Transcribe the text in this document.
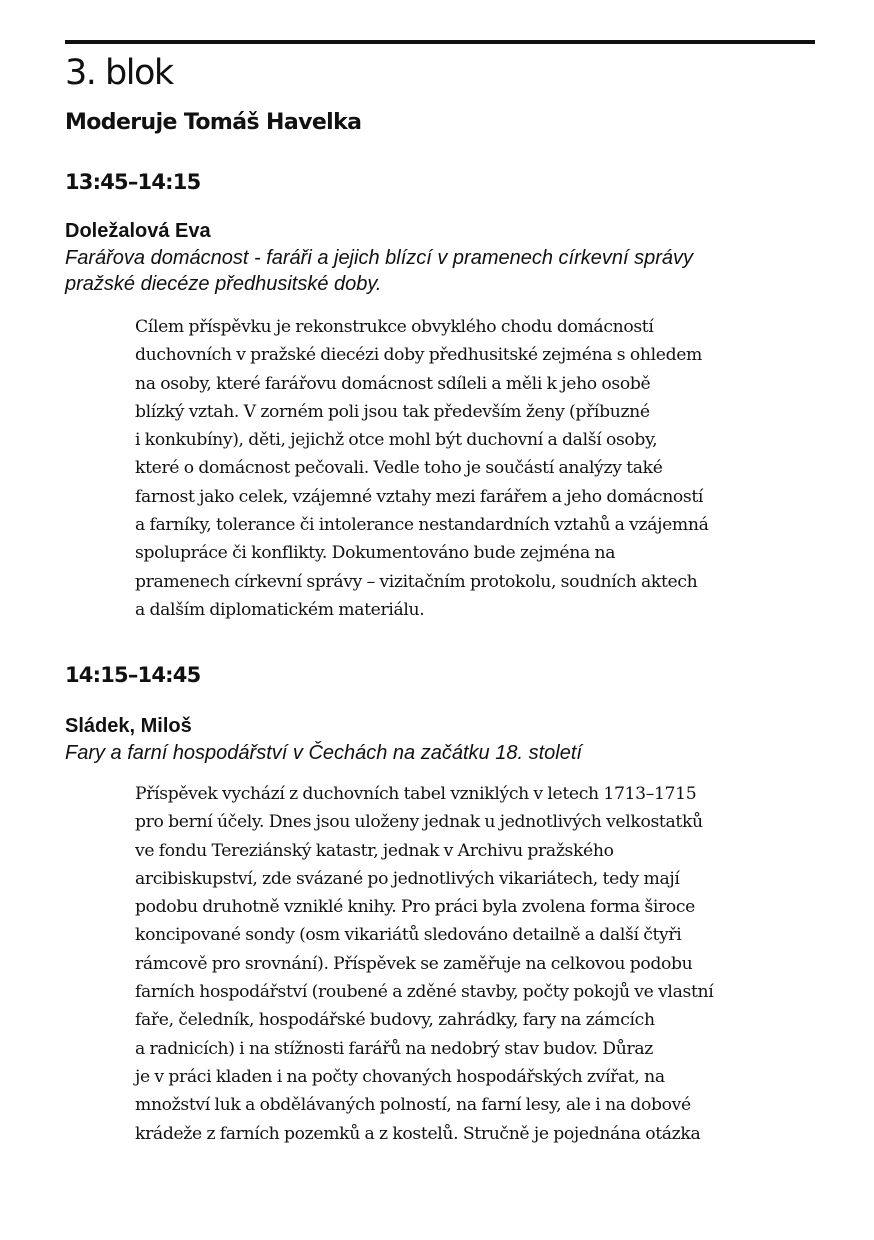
3. blok
Moderuje Tomáš Havelka
13:45–14:15
Doležalová Eva
Farářova domácnost - faráři a jejich blízcí v pramenech církevní správy
pražské diecéze předhusitské doby.
Cílem příspěvku je rekonstrukce obvyklého chodu domácností
duchovních v pražské diecézi doby předhusitské zejména s ohledem
na osoby, které farářovu domácnost sdíleli a měli k jeho osobě
blízký vztah. V zorném poli jsou tak především ženy (příbuzné
i konkubíny), děti, jejichž otce mohl být duchovní a další osoby,
které o domácnost pečovali. Vedle toho je součástí analýzy také
farnost jako celek, vzájemné vztahy mezi farářem a jeho domácností
a farníky, tolerance či intolerance nestandardních vztahů a vzájemná
spolupráce či konflikty. Dokumentováno bude zejména na
pramenech církevní správy – vizitačním protokolu, soudních aktech
a dalším diplomatickém materiálu.
14:15–14:45
Sládek, Miloš
Fary a farní hospodářství v Čechách na začátku 18. století
Příspěvek vychází z duchovních tabel vzniklých v letech 1713–1715
pro berní účely. Dnes jsou uloženy jednak u jednotlivých velkostatků
ve fondu Tereziánský katastr, jednak v Archivu pražského
arcibiskupství, zde svázané po jednotlivých vikariátech, tedy mají
podobu druhotně vzniklé knihy. Pro práci byla zvolena forma široce
koncipované sondy (osm vikariátů sledováno detailně a další čtyři
rámcově pro srovnání). Příspěvek se zaměřuje na celkovou podobu
farních hospodářství (roubené a zděné stavby, počty pokojů ve vlastní
faře, čeledník, hospodářské budovy, zahrádky, fary na zámcích
a radnicích) i na stížnosti farářů na nedobrý stav budov. Důraz
je v práci kladen i na počty chovaných hospodářských zvířat, na
množství luk a obdělávaných polností, na farní lesy, ale i na dobové
krádeže z farních pozemků a z kostelů. Stručně je pojednána otázka
